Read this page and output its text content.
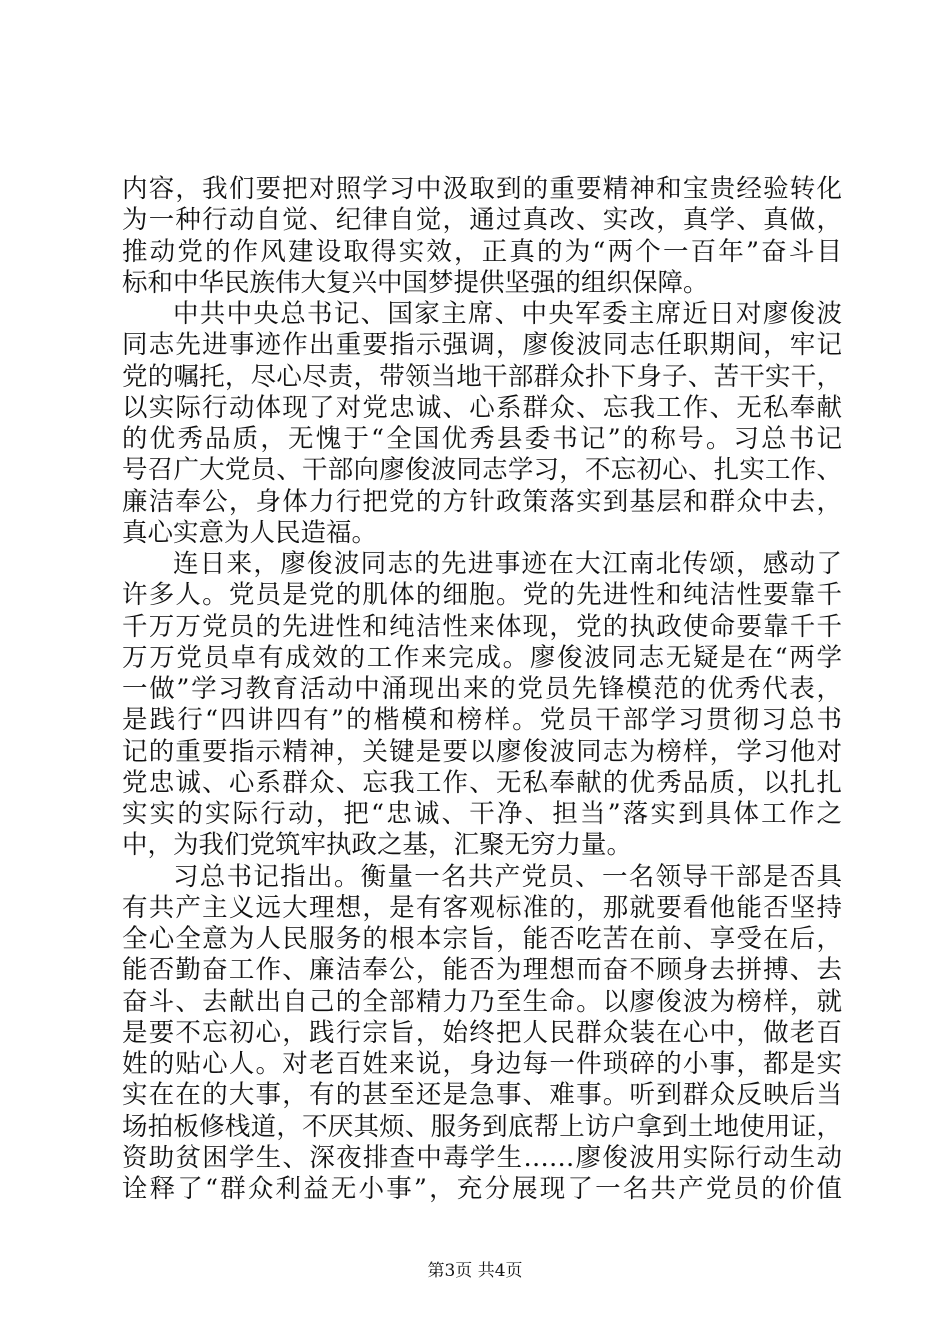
内容，我们要把对照学习中汲取到的重要精神和宝贵经验转化
为一种行动自觉、纪律自觉，通过真改、实改，真学、真做，
推动党的作风建设取得实效，正真的为“两个一百年”奋斗目
标和中华民族伟大复兴中国梦提供坚强的组织保障。
中共中央总书记、国家主席、中央军委主席近日对廖俊波
同志先进事迹作出重要指示强调，廖俊波同志任职期间，牢记
党的嘱托，尽心尽责，带领当地干部群众扑下身子、苦干实干，
以实际行动体现了对党忠诚、心系群众、忘我工作、无私奉献
的优秀品质，无愧于“全国优秀县委书记”的称号。习总书记
号召广大党员、干部向廖俊波同志学习，不忘初心、扎实工作、
廉洁奉公，身体力行把党的方针政策落实到基层和群众中去，
真心实意为人民造福。
连日来，廖俊波同志的先进事迹在大江南北传颂，感动了
许多人。党员是党的肌体的细胞。党的先进性和纯洁性要靠千
千万万党员的先进性和纯洁性来体现，党的执政使命要靠千千
万万党员卓有成效的工作来完成。廖俊波同志无疑是在“两学
一做”学习教育活动中涌现出来的党员先锋模范的优秀代表，
是践行“四讲四有”的楷模和榜样。党员干部学习贯彻习总书
记的重要指示精神，关键是要以廖俊波同志为榜样，学习他对
党忠诚、心系群众、忘我工作、无私奉献的优秀品质，以扎扎
实实的实际行动，把“忠诚、干净、担当”落实到具体工作之
中，为我们党筑牢执政之基，汇聚无穷力量。
习总书记指出。衡量一名共产党员、一名领导干部是否具
有共产主义远大理想，是有客观标准的，那就要看他能否坚持
全心全意为人民服务的根本宗旨，能否吃苦在前、享受在后，
能否勤奋工作、廉洁奉公，能否为理想而奋不顾身去拼搏、去
奋斗、去献出自己的全部精力乃至生命。以廖俊波为榜样，就
是要不忘初心，践行宗旨，始终把人民群众装在心中，做老百
姓的贴心人。对老百姓来说，身边每一件琐碎的小事，都是实
实在在的大事，有的甚至还是急事、难事。听到群众反映后当
场拍板修栈道，不厌其烦、服务到底帮上访户拿到土地使用证，
资助贫困学生、深夜排查中毒学生……廖俊波用实际行动生动
诠释了“群众利益无小事”，充分展现了一名共产党员的价值
第3页 共4页
